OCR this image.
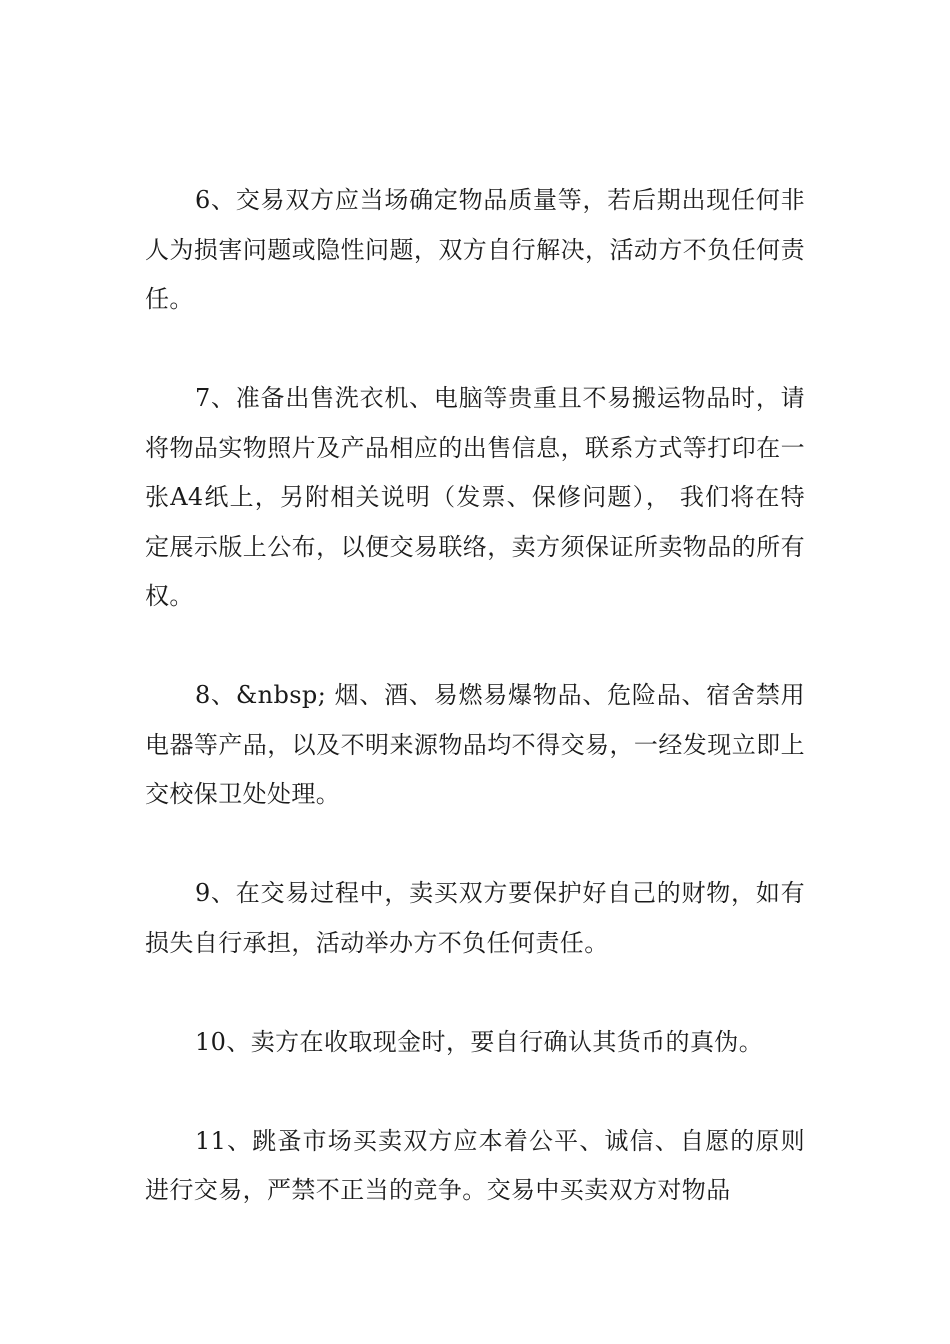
6、交易双方应当场确定物品质量等，若后期出现任何非人为损害问题或隐性问题，双方自行解决，活动方不负任何责任。

7、准备出售洗衣机、电脑等贵重且不易搬运物品时，请将物品实物照片及产品相应的出售信息，联系方式等打印在一张A4纸上，另附相关说明（发票、保修问题）， 我们将在特定展示版上公布，以便交易联络，卖方须保证所卖物品的所有权。

8、&nbsp; 烟、酒、易燃易爆物品、危险品、宿舍禁用电器等产品，以及不明来源物品均不得交易，一经发现立即上交校保卫处处理。

9、在交易过程中，卖买双方要保护好自己的财物，如有损失自行承担，活动举办方不负任何责任。

10、卖方在收取现金时，要自行确认其货币的真伪。

11、跳蚤市场买卖双方应本着公平、诚信、自愿的原则进行交易，严禁不正当的竞争。交易中买卖双方对物品
